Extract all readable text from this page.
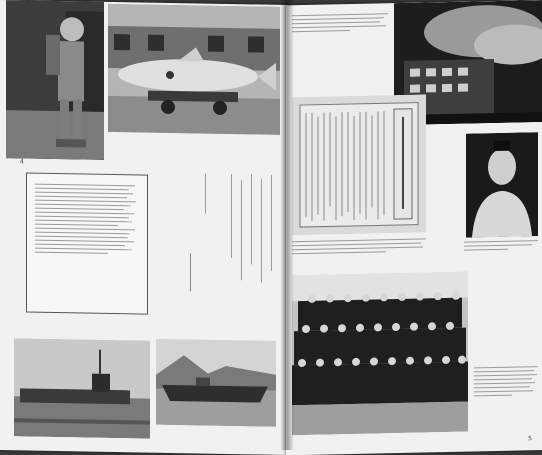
4
5
